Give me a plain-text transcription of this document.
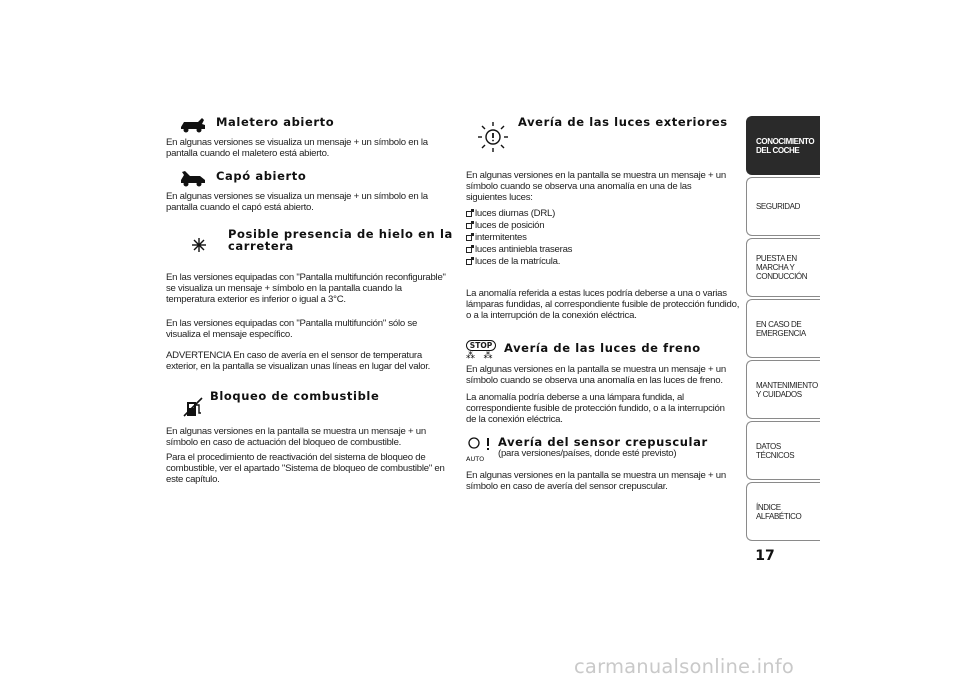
Maletero abierto

En algunas versiones se visualiza un mensaje + un símbolo en la pantalla cuando el maletero está abierto.

Capó abierto

En algunas versiones se visualiza un mensaje + un símbolo en la pantalla cuando el capó está abierto.

Posible presencia de hielo en la carretera

En las versiones equipadas con "Pantalla multifunción reconfigurable" se visualiza un mensaje + símbolo en la pantalla cuando la temperatura exterior es inferior o igual a 3°C.

En las versiones equipadas con "Pantalla multifunción" sólo se visualiza el mensaje específico.

ADVERTENCIA En caso de avería en el sensor de temperatura exterior, en la pantalla se visualizan unas líneas en lugar del valor.

Bloqueo de combustible

En algunas versiones en la pantalla se muestra un mensaje + un símbolo en caso de actuación del bloqueo de combustible.

Para el procedimiento de reactivación del sistema de bloqueo de combustible, ver el apartado "Sistema de bloqueo de combustible" en este capítulo.

Avería de las luces exteriores

En algunas versiones en la pantalla se muestra un mensaje + un símbolo cuando se observa una anomalía en una de las siguientes luces:

luces diurnas (DRL)
luces de posición
intermitentes
luces antiniebla traseras
luces de la matrícula.

La anomalía referida a estas luces podría deberse a una o varias lámparas fundidas, al correspondiente fusible de protección fundido, o a la interrupción de la conexión eléctrica.

STOP
⁂ ⁂ Avería de las luces de freno

En algunas versiones en la pantalla se muestra un mensaje + un símbolo cuando se observa una anomalía en las luces de freno.

La anomalía podría deberse a una lámpara fundida, al correspondiente fusible de protección fundido, o a la interrupción de la conexión eléctrica.

AUTO
Avería del sensor crepuscular
(para versiones/países, donde esté previsto)

En algunas versiones en la pantalla se muestra un mensaje + un símbolo en caso de avería del sensor crepuscular.

CONOCIMIENTO DEL COCHE
SEGURIDAD
PUESTA EN MARCHA Y CONDUCCIÓN
EN CASO DE EMERGENCIA
MANTENIMIENTO Y CUIDADOS
DATOS TÉCNICOS
ÍNDICE ALFABÉTICO
17
carmanualsonline.info
